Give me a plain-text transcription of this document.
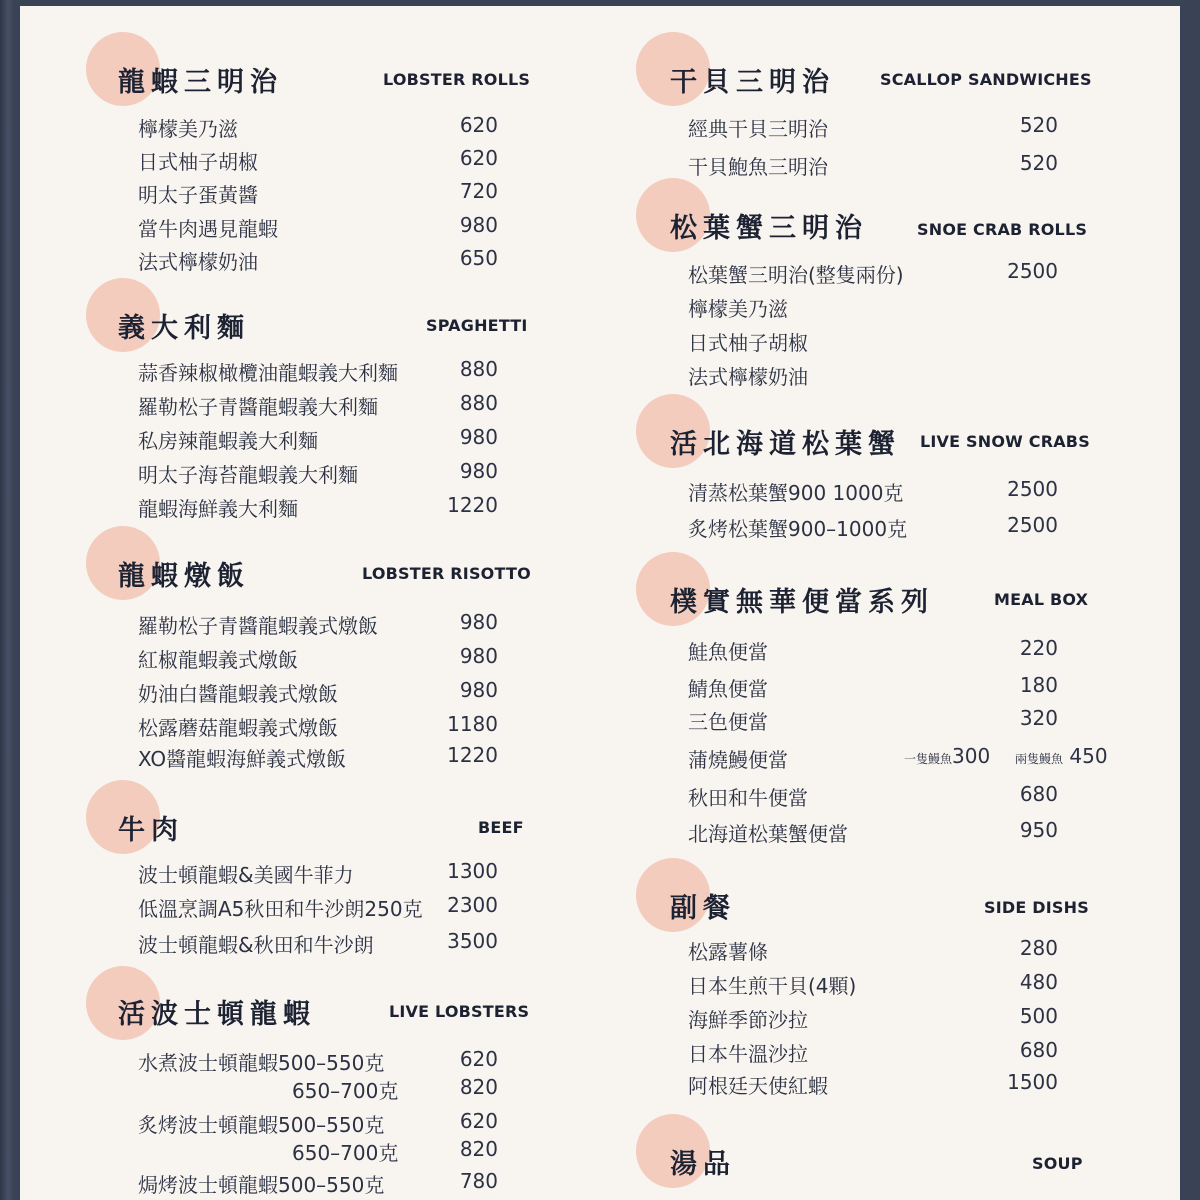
龍蝦三明治	LOBSTER ROLLS
檸檬美乃滋	620
日式柚子胡椒	620
明太子蛋黃醬	720
當牛肉遇見龍蝦	980
法式檸檬奶油	650
義大利麵	SPAGHETTI
蒜香辣椒橄欖油龍蝦義大利麵	880
羅勒松子青醬龍蝦義大利麵	880
私房辣龍蝦義大利麵	980
明太子海苔龍蝦義大利麵	980
龍蝦海鮮義大利麵	1220
龍蝦燉飯	LOBSTER RISOTTO
羅勒松子青醬龍蝦義式燉飯	980
紅椒龍蝦義式燉飯	980
奶油白醬龍蝦義式燉飯	980
松露蘑菇龍蝦義式燉飯	1180
XO醬龍蝦海鮮義式燉飯	1220
牛肉	BEEF
波士頓龍蝦&美國牛菲力	1300
低溫烹調A5秋田和牛沙朗250克	2300
波士頓龍蝦&秋田和牛沙朗	3500
活波士頓龍蝦	LIVE LOBSTERS
水煮波士頓龍蝦500–550克	620
650–700克	820
炙烤波士頓龍蝦500–550克	620
650–700克	820
焗烤波士頓龍蝦500–550克	780
干貝三明治	SCALLOP SANDWICHES
經典干貝三明治	520
干貝鮑魚三明治	520
松葉蟹三明治	SNOE CRAB ROLLS
松葉蟹三明治(整隻兩份)	2500
檸檬美乃滋
日式柚子胡椒
法式檸檬奶油
活北海道松葉蟹 LIVE SNOW CRABS
清蒸松葉蟹900 1000克	2500
炙烤松葉蟹900–1000克	2500
樸實無華便當系列	MEAL BOX
鮭魚便當	220
鯖魚便當	180
三色便當	320
蒲燒鰻便當	一隻鰻魚300 兩隻鰻魚 450
秋田和牛便當	680
北海道松葉蟹便當	950
副餐	SIDE DISHS
松露薯條	280
日本生煎干貝(4顆)	480
海鮮季節沙拉	500
日本牛溫沙拉	680
阿根廷天使紅蝦	1500
湯品	SOUP
